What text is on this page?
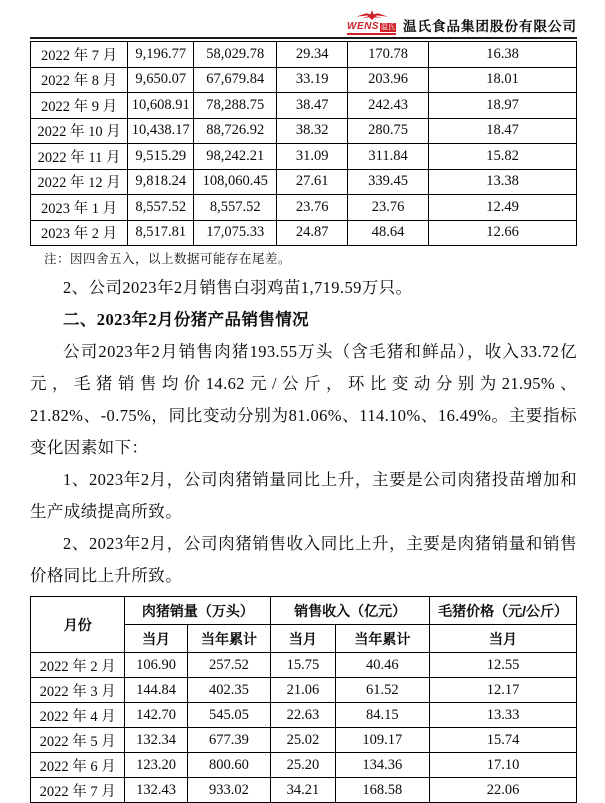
WENS 温氏 温氏食品集团股份有限公司
2022 年 7 月	9,196.77	58,029.78	29.34	170.78	16.38
2022 年 8 月	9,650.07	67,679.84	33.19	203.96	18.01
2022 年 9 月	10,608.91	78,288.75	38.47	242.43	18.97
2022 年 10 月	10,438.17	88,726.92	38.32	280.75	18.47
2022 年 11 月	9,515.29	98,242.21	31.09	311.84	15.82
2022 年 12 月	9,818.24	108,060.45	27.61	339.45	13.38
2023 年 1 月	8,557.52	8,557.52	23.76	23.76	12.49
2023 年 2 月	8,517.81	17,075.33	24.87	48.64	12.66
注：因四舍五入，以上数据可能存在尾差。

2、公司2023年2月销售白羽鸡苗1,719.59万只。

二、2023年2月份猪产品销售情况

公司2023年2月销售肉猪193.55万头（含毛猪和鲜品），收入33.72亿元，毛猪销售均价14.62元/公斤，环比变动分别为21.95%、21.82%、-0.75%，同比变动分别为81.06%、114.10%、16.49%。主要指标变化因素如下：

1、2023年2月，公司肉猪销量同比上升，主要是公司肉猪投苗增加和生产成绩提高所致。

2、2023年2月，公司肉猪销售收入同比上升，主要是肉猪销量和销售价格同比上升所致。

月份	肉猪销量（万头）		销售收入（亿元）		毛猪价格（元/公斤）
	当月	当年累计	当月	当年累计	当月
2022 年 2 月	106.90	257.52	15.75	40.46	12.55
2022 年 3 月	144.84	402.35	21.06	61.52	12.17
2022 年 4 月	142.70	545.05	22.63	84.15	13.33
2022 年 5 月	132.34	677.39	25.02	109.17	15.74
2022 年 6 月	123.20	800.60	25.20	134.36	17.10
2022 年 7 月	132.43	933.02	34.21	168.58	22.06
